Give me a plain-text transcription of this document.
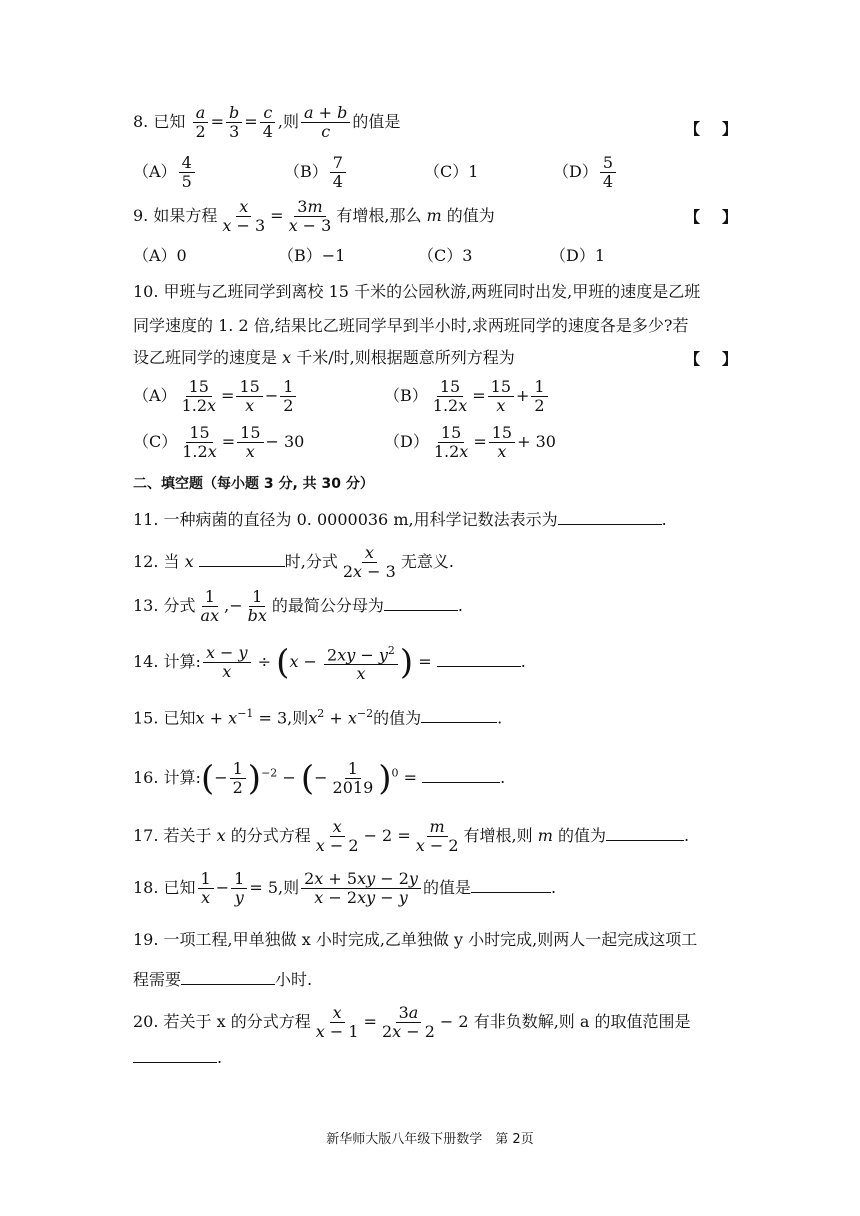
8. 已知 $\frac{a}{2} = \frac{b}{3} = \frac{c}{4}$ ,则 $\frac{a + b}{c}$ 的值是	【】
$(A) \frac{4}{5}$	$(B) \frac{7}{4}$	（C）1	$(D) \frac{5}{4}$
9. 如果方程 $\frac{x}{x - 3} = \frac{3m}{x - 3}$ 有增根,那么 m 的值为	【】
（A）0	（B）−1	（C）3	（D）1
10. 甲班与乙班同学到离校 15 千米的公园秋游,两班同时出发,甲班的速度是乙班
同学速度的 1. 2 倍,结果比乙班同学早到半小时,求两班同学的速度各是多少?若
设乙班同学的速度是 x 千米/时,则根据题意所列方程为	【】
$(A) \frac{15}{1.2x} = \frac{15}{x} - \frac{1}{2}$	$(B) \frac{15}{1.2x} = \frac{15}{x} + \frac{1}{2}$
$(C) \frac{15}{1.2x} = \frac{15}{x} - 30$	$(D) \frac{15}{1.2x} = \frac{15}{x} + 30$
二、填空题（每小题 3 分, 共 30 分）
11. 一种病菌的直径为 0. 0000036 m,用科学记数法表示为	.
12. 当 x	时,分式 $\frac{x}{2x - 3}$ 无意义.
13. 分式 $\frac{1}{ax}$ ,− $\frac{1}{bx}$ 的最简公分母为	.
14. 计算: $\frac{x - y}{x} \div (x - \frac{2xy - y^2}{x}$ ) =	.
15. 已知$x + x^{-1} = 3$,则$x^2 + x^{-2}$的值为	.
16. 计算:(− $\frac{1}{2} )^{-2}$ − (− $\frac{1}{2019} )^0$ =	.
17. 若关于 x 的分式方程 $\frac{x}{x - 2} - 2 = \frac{m}{x - 2}$ 有增根,则 m 的值为	.
18. 已知 $\frac{1}{x} - \frac{1}{y} = 5$,则 $\frac{2x + 5xy - 2y}{x - 2xy - y}$ 的值是	.
19. 一项工程,甲单独做 x 小时完成,乙单独做 y 小时完成,则两人一起完成这项工
程需要	小时.
20. 若关于 x 的分式方程 $\frac{x}{x - 1} = \frac{3a}{2x - 2} - 2$ 有非负数解,则 a 的取值范围是
.
新华师大版八年级下册数学　第 2页
